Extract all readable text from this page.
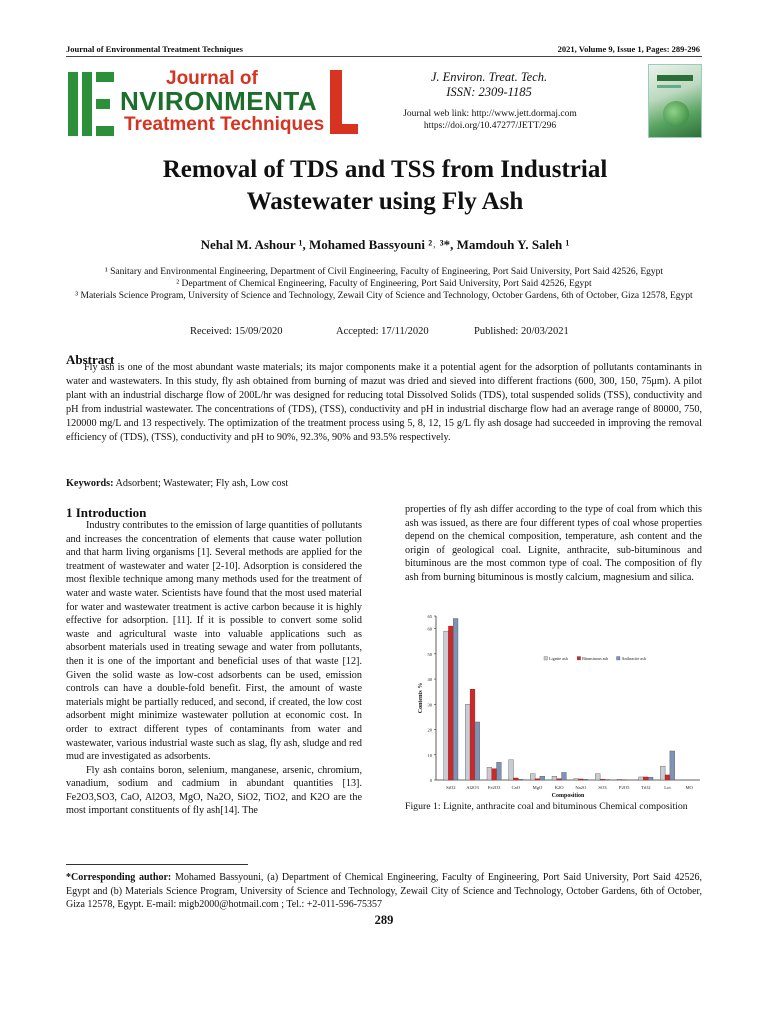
Journal of Environmental Treatment Techniques	2021, Volume 9, Issue 1, Pages: 289-296
Journal of
NVIRONMENTA
Treatment Techniques
J. Environ. Treat. Tech.
ISSN: 2309-1185
Journal web link: http://www.jett.dormaj.com
https://doi.org/10.47277/JETT/296
Removal of TDS and TSS from Industrial
Wastewater using Fly Ash
Nehal M. Ashour ¹, Mohamed Bassyouni ²˒ ³*, Mamdouh Y. Saleh ¹
¹ Sanitary and Environmental Engineering, Department of Civil Engineering, Faculty of Engineering, Port Said University, Port Said 42526, Egypt
² Department of Chemical Engineering, Faculty of Engineering, Port Said University, Port Said 42526, Egypt
³ Materials Science Program, University of Science and Technology, Zewail City of Science and Technology, October Gardens, 6th of October, Giza 12578, Egypt
Received: 15/09/2020	Accepted: 17/11/2020	Published: 20/03/2021
Abstract
Fly ash is one of the most abundant waste materials; its major components make it a potential agent for the adsorption of pollutants contaminants in water and wastewaters. In this study, fly ash obtained from burning of mazut was dried and sieved into different fractions (600, 300, 150, 75μm). A pilot plant with an industrial discharge flow of 200L/hr was designed for reducing total Dissolved Solids (TDS), total suspended solids (TSS), conductivity and pH from industrial wastewater. The concentrations of (TDS), (TSS), conductivity and pH in industrial discharge flow had an average range of 80000, 750, 120000 mg/L and 13 respectively. The optimization of the treatment process using 5, 8, 12, 15 g/L fly ash dosage had succeeded in improving the removal efficiency of (TDS), (TSS), conductivity and pH to 90%, 92.3%, 90% and 93.5% respectively.
Keywords: Adsorbent; Wastewater; Fly ash, Low cost
1 Introduction

Industry contributes to the emission of large quantities of pollutants and increases the concentration of elements that cause water pollution and that harm living organisms [1]. Several methods are applied for the treatment of wastewater and water [2-10]. Adsorption is considered the most flexible technique among many methods used for the treatment of water and waste water. Scientists have found that the most used material for water and wastewater treatment is active carbon because it is highly effective for adsorption. [11]. If it is possible to convert some solid waste and agricultural waste into valuable applications such as absorbent materials used in treating sewage and water from pollutants, then it is one of the important and beneficial uses of that waste [12]. Given the solid waste as low-cost adsorbents can be used, emission controls can have a double-fold benefit. First, the amount of waste materials might be partially reduced, and second, if created, the low cost adsorbent might minimize wastewater pollution at economic cost. In order to extract different types of contaminants from water and wastewater, various industrial waste such as slag, fly ash, sludge and red mud are investigated as adsorbents.

Fly ash contains boron, selenium, manganese, arsenic, chromium, vanadium, sodium and cadmium in abundant quantities [13]. Fe2O3,SO3, CaO, Al2O3, MgO, Na2O, SiO2, TiO2, and K2O are the most important constituents of fly ash[14]. The

properties of fly ash differ according to the type of coal from which this ash was issued, as there are four different types of coal whose properties depend on the chemical composition, temperature, ash content and the origin of geological coal. Lignite, anthracite, sub-bituminous and bituminous are the most common type of coal. The composition of fly ash from burning bituminous is mostly calcium, magnesium and silica.

0
10
20
30
40
50
60
65
Contents %
SiO2 Al2O3 Fe2O3 CaO	MgO	K2O	Na2O	SO3	P2O5	TiO2	Loi	MO
Composition
Lignite ash	Bituminous ash	Anthracite ash
Figure 1: Lignite, anthracite coal and bituminous Chemical composition
*Corresponding author: Mohamed Bassyouni, (a) Department of Chemical Engineering, Faculty of Engineering, Port Said University, Port Said 42526, Egypt and (b) Materials Science Program, University of Science and Technology, Zewail City of Science and Technology, October Gardens, 6th of October, Giza 12578, Egypt. E-mail: migb2000@hotmail.com ; Tel.: +2-011-596-75357
289
